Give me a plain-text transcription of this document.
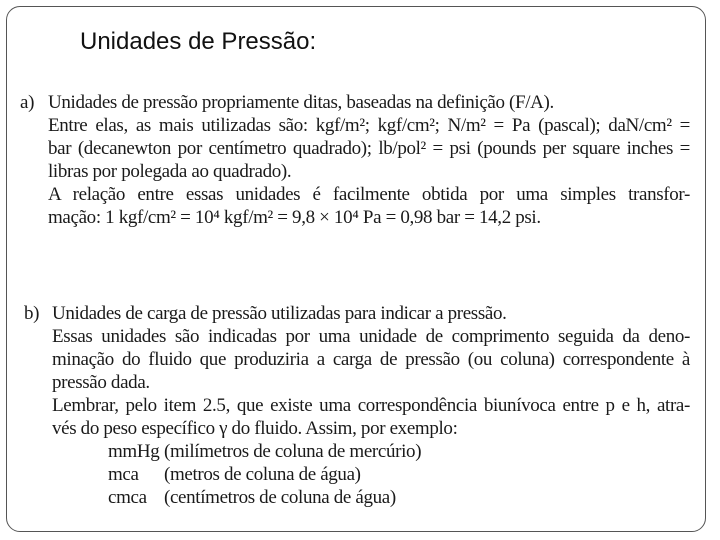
Unidades de Pressão:
a) Unidades de pressão propriamente ditas, baseadas na definição (F/A).
Entre elas, as mais utilizadas são: kgf/m²; kgf/cm²; N/m² = Pa (pascal); daN/cm² =
bar (decanewton por centímetro quadrado); lb/pol² = psi (pounds per square inches =
libras por polegada ao quadrado).
A relação entre essas unidades é facilmente obtida por uma simples transfor-
mação: 1 kgf/cm² = 10⁴ kgf/m² = 9,8 × 10⁴ Pa = 0,98 bar = 14,2 psi.
b) Unidades de carga de pressão utilizadas para indicar a pressão.
Essas unidades são indicadas por uma unidade de comprimento seguida da deno-
minação do fluido que produziria a carga de pressão (ou coluna) correspondente à
pressão dada.
Lembrar, pelo item 2.5, que existe uma correspondência biunívoca entre p e h, atra-
vés do peso específico γ do fluido. Assim, por exemplo:
mmHg (milímetros de coluna de mercúrio)
mca	(metros de coluna de água)
cmca (centímetros de coluna de água)
